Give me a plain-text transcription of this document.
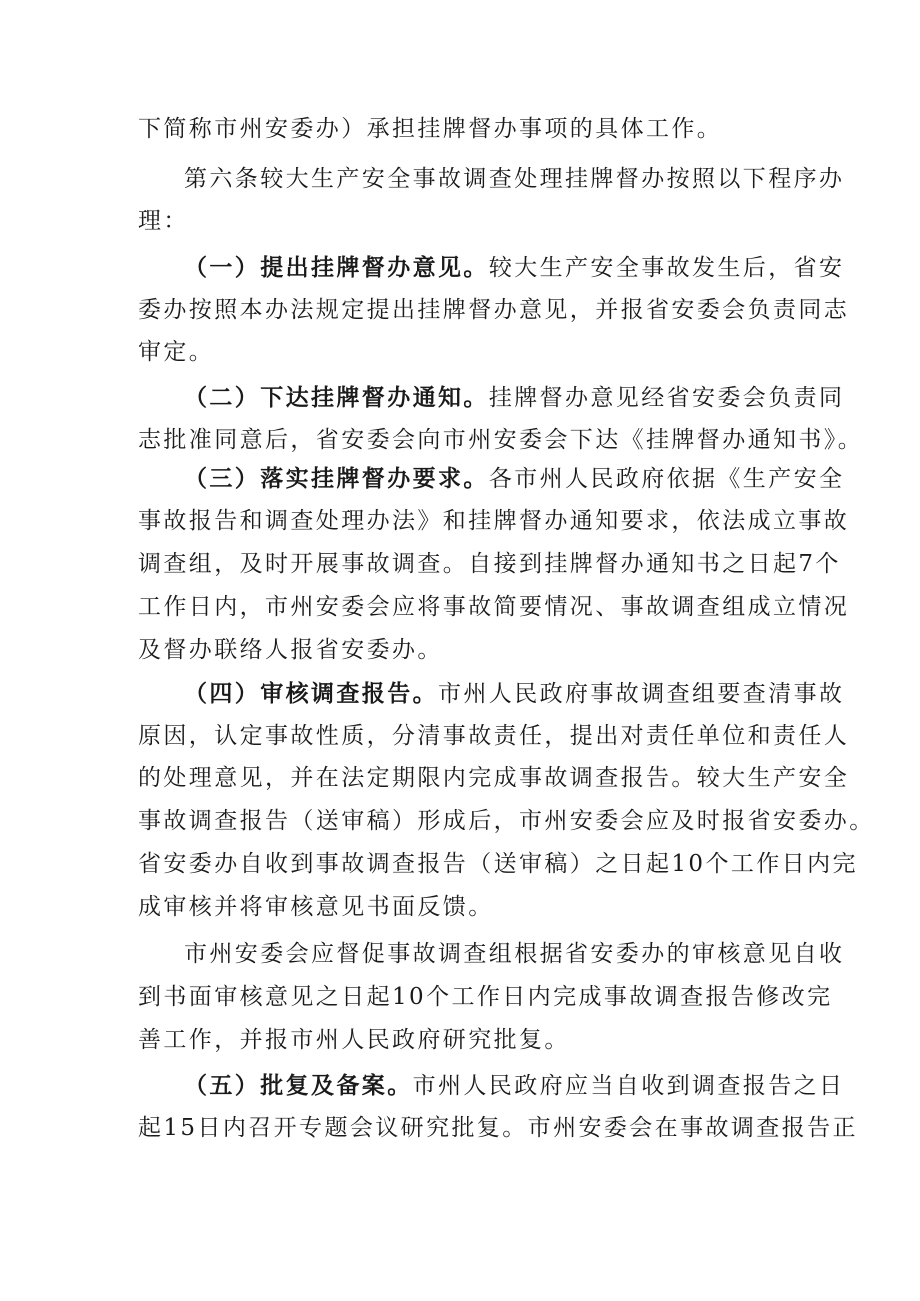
下简称市州安委办）承担挂牌督办事项的具体工作。
第六条较大生产安全事故调查处理挂牌督办按照以下程序办
理：
（一）提出挂牌督办意见。较大生产安全事故发生后，省安
委办按照本办法规定提出挂牌督办意见，并报省安委会负责同志
审定。
（二）下达挂牌督办通知。挂牌督办意见经省安委会负责同
志批准同意后，省安委会向市州安委会下达《挂牌督办通知书》。
（三）落实挂牌督办要求。各市州人民政府依据《生产安全
事故报告和调查处理办法》和挂牌督办通知要求，依法成立事故
调查组，及时开展事故调查。自接到挂牌督办通知书之日起7个
工作日内，市州安委会应将事故简要情况、事故调查组成立情况
及督办联络人报省安委办。
（四）审核调查报告。市州人民政府事故调查组要查清事故
原因，认定事故性质，分清事故责任，提出对责任单位和责任人
的处理意见，并在法定期限内完成事故调查报告。较大生产安全
事故调查报告（送审稿）形成后，市州安委会应及时报省安委办。
省安委办自收到事故调查报告（送审稿）之日起10个工作日内完
成审核并将审核意见书面反馈。
市州安委会应督促事故调查组根据省安委办的审核意见自收
到书面审核意见之日起10个工作日内完成事故调查报告修改完
善工作，并报市州人民政府研究批复。
（五）批复及备案。市州人民政府应当自收到调查报告之日
起15日内召开专题会议研究批复。市州安委会在事故调查报告正
